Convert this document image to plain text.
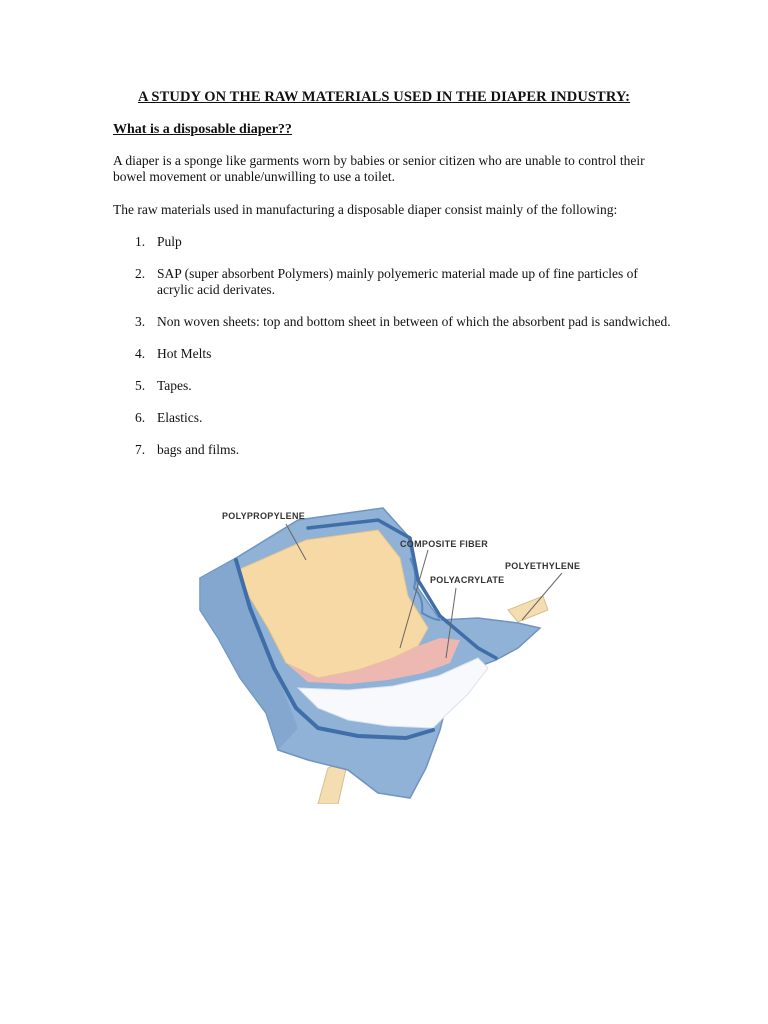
A STUDY ON THE RAW MATERIALS USED IN THE DIAPER INDUSTRY:
What is a disposable diaper??
A diaper is a sponge like garments worn by babies or senior citizen who are unable to control their bowel movement or unable/unwilling to use a toilet.
The raw materials used in manufacturing a disposable diaper consist mainly of the following:
1. Pulp
2. SAP (super absorbent Polymers) mainly polyemeric material made up of fine particles of acrylic acid derivates.
3. Non woven sheets: top and bottom sheet in between of which the absorbent pad is sandwiched.
4. Hot Melts
5. Tapes.
6. Elastics.
7. bags and films.
POLYPROPYLENE
COMPOSITE FIBER
POLYETHYLENE
POLYACRYLATE
